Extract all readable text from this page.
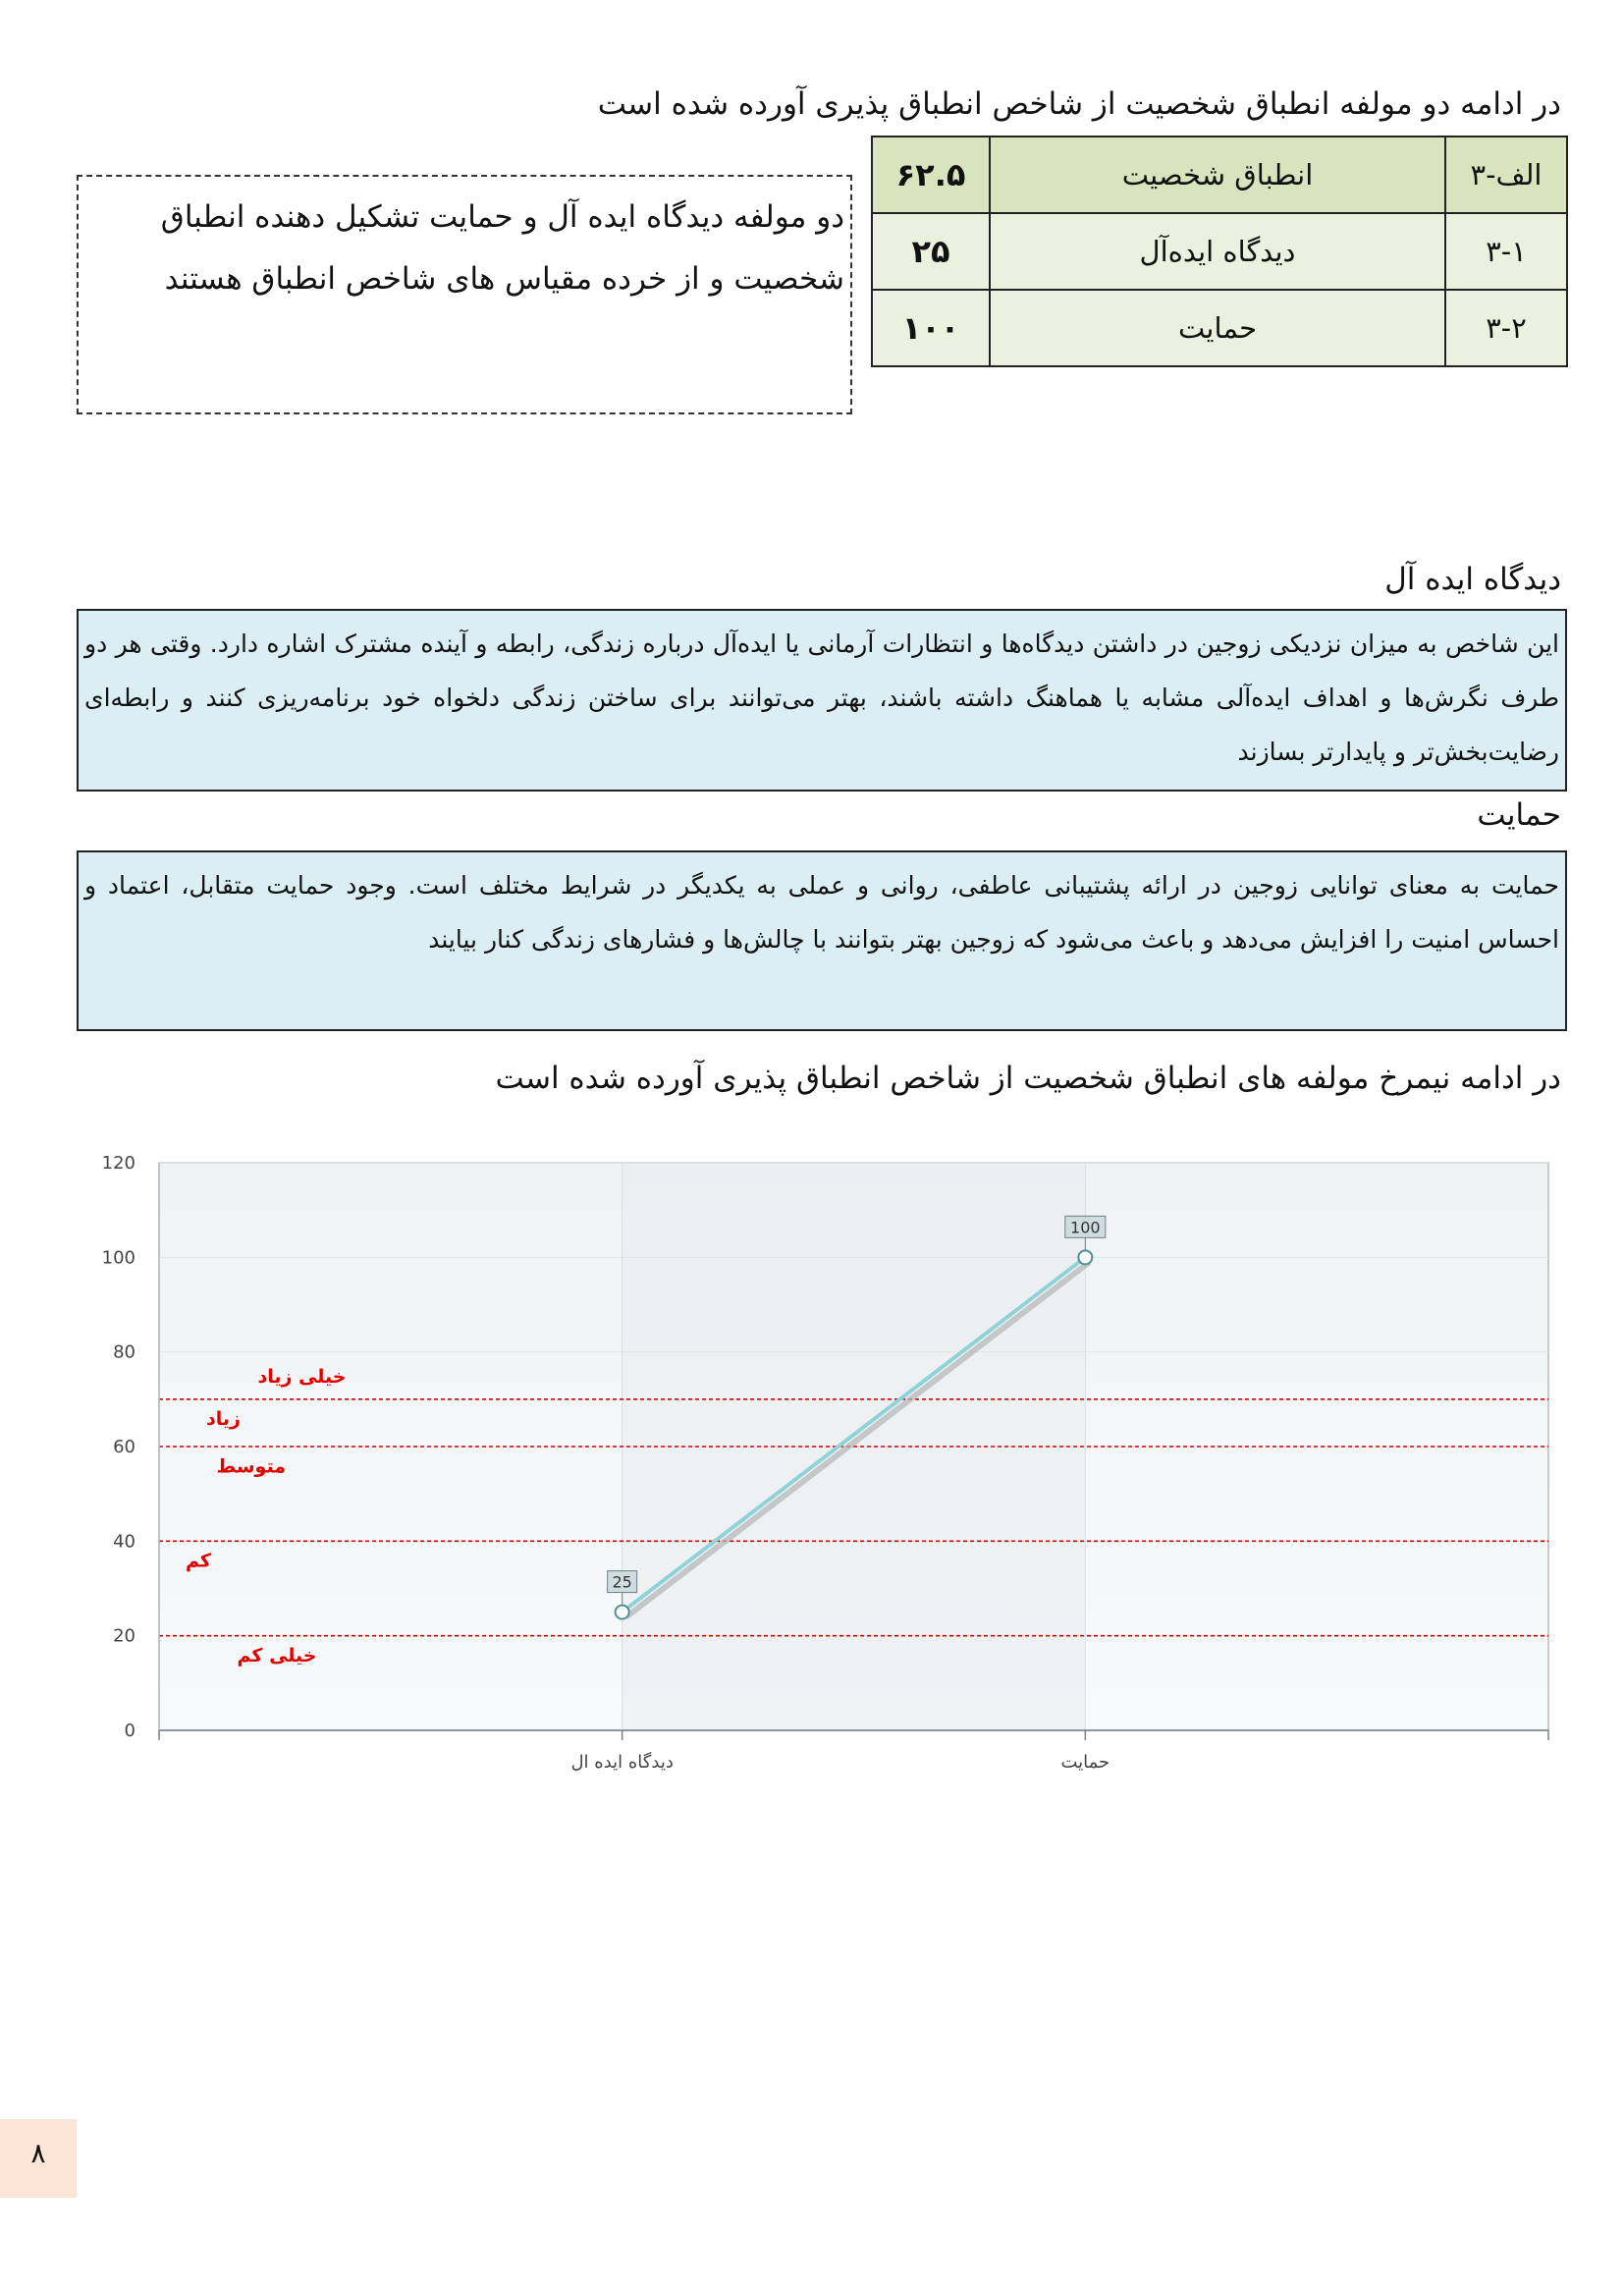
در ادامه دو مولفه انطباق شخصیت از شاخص انطباق پذیری آورده شده است

دو مولفه دیدگاه ایده آل و حمایت تشکیل دهنده انطباق

شخصیت و از خرده مقیاس های شاخص انطباق هستند

الف-۳	انطباق شخصیت	۶۲.۵
۳-۱	دیدگاه ایده‌آل	۲۵
۳-۲	حمایت	۱۰۰
دیدگاه ایده آل

این شاخص به میزان نزدیکی زوجین در داشتن دیدگاه‌ها و انتظارات آرمانی یا ایده‌آل درباره زندگی، رابطه و آینده مشترک اشاره دارد. وقتی هر دو طرف نگرش‌ها و اهداف ایده‌آلی مشابه یا هماهنگ داشته باشند، بهتر می‌توانند برای ساختن زندگی دلخواه خود برنامه‌ریزی کنند و رابطه‌ای رضایت‌بخش‌تر و پایدارتر بسازند

حمایت

حمایت به معنای توانایی زوجین در ارائه پشتیبانی عاطفی، روانی و عملی به یکدیگر در شرایط مختلف است. وجود حمایت متقابل، اعتماد و احساس امنیت را افزایش می‌دهد و باعث می‌شود که زوجین بهتر بتوانند با چالش‌ها و فشارهای زندگی کنار بیایند

در ادامه نیمرخ مولفه های انطباق شخصیت از شاخص انطباق پذیری آورده شده است
خیلی زیاد
زیاد
متوسط
کم
خیلی کم
0
20
40
60
80
100
120
دیدگاه ایده ال	حمایت
25
100
۸
